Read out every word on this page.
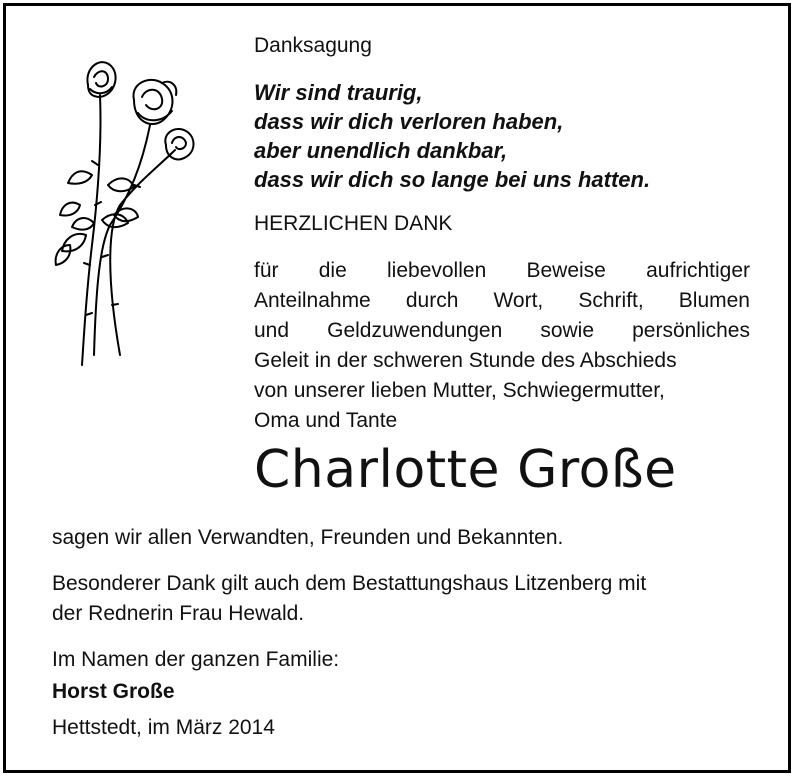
Danksagung
Wir sind traurig,
dass wir dich verloren haben,
aber unendlich dankbar,
dass wir dich so lange bei uns hatten.
HERZLICHEN DANK
für die liebevollen Beweise aufrichtiger
Anteilnahme durch Wort, Schrift, Blumen
und Geldzuwendungen sowie persönliches
Geleit in der schweren Stunde des Abschieds
von unserer lieben Mutter, Schwiegermutter,
Oma und Tante
Charlotte Große
sagen wir allen Verwandten, Freunden und Bekannten.
Besonderer Dank gilt auch dem Bestattungshaus Litzenberg mit
der Rednerin Frau Hewald.
Im Namen der ganzen Familie:
Horst Große
Hettstedt, im März 2014
